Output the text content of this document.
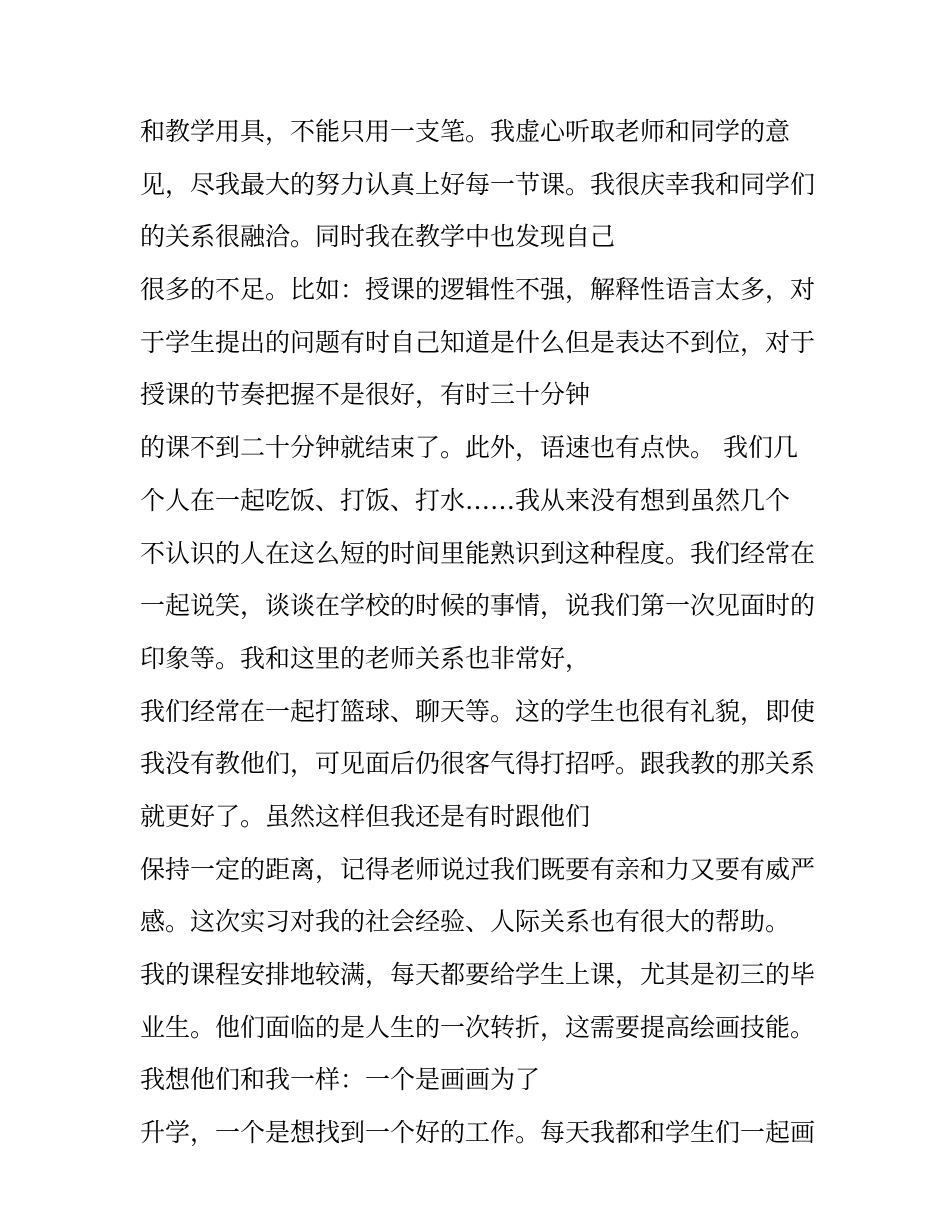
和教学用具，不能只用一支笔。我虚心听取老师和同学的意
见，尽我最大的努力认真上好每一节课。我很庆幸我和同学们
的关系很融洽。同时我在教学中也发现自己
很多的不足。比如：授课的逻辑性不强，解释性语言太多，对
于学生提出的问题有时自己知道是什么但是表达不到位，对于
授课的节奏把握不是很好，有时三十分钟
的课不到二十分钟就结束了。此外，语速也有点快。 我们几
个人在一起吃饭、打饭、打水……我从来没有想到虽然几个
不认识的人在这么短的时间里能熟识到这种程度。我们经常在
一起说笑，谈谈在学校的时候的事情，说我们第一次见面时的
印象等。我和这里的老师关系也非常好，
我们经常在一起打篮球、聊天等。这的学生也很有礼貌，即使
我没有教他们，可见面后仍很客气得打招呼。跟我教的那关系
就更好了。虽然这样但我还是有时跟他们
保持一定的距离，记得老师说过我们既要有亲和力又要有威严
感。这次实习对我的社会经验、人际关系也有很大的帮助。
我的课程安排地较满，每天都要给学生上课，尤其是初三的毕
业生。他们面临的是人生的一次转折，这需要提高绘画技能。
我想他们和我一样：一个是画画为了
升学，一个是想找到一个好的工作。每天我都和学生们一起画
